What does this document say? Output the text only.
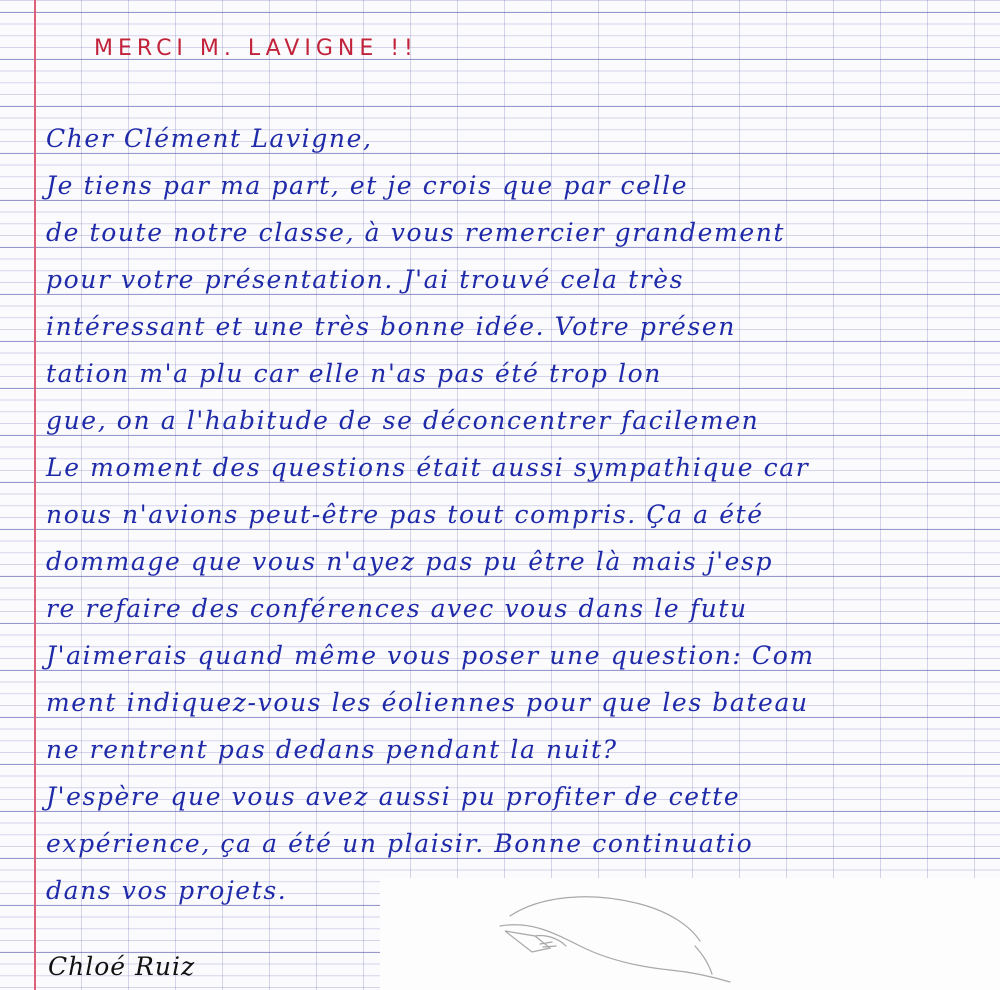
MERCI M. LAVIGNE !!
Cher Clément Lavigne,

Je tiens par ma part, et je crois que par celle

de toute notre classe, à vous remercier grandement

pour votre présentation. J'ai trouvé cela très

intéressant et une très bonne idée. Votre présen

tation m'a plu car elle n'as pas été trop lon

gue, on a l'habitude de se déconcentrer facilemen

Le moment des questions était aussi sympathique car

nous n'avions peut-être pas tout compris. Ça a été

dommage que vous n'ayez pas pu être là mais j'esp

re refaire des conférences avec vous dans le futu

J'aimerais quand même vous poser une question: Com

ment indiquez-vous les éoliennes pour que les bateau

ne rentrent pas dedans pendant la nuit?

J'espère que vous avez aussi pu profiter de cette

expérience, ça a été un plaisir. Bonne continuatio

dans vos projets.

Chloé Ruiz
